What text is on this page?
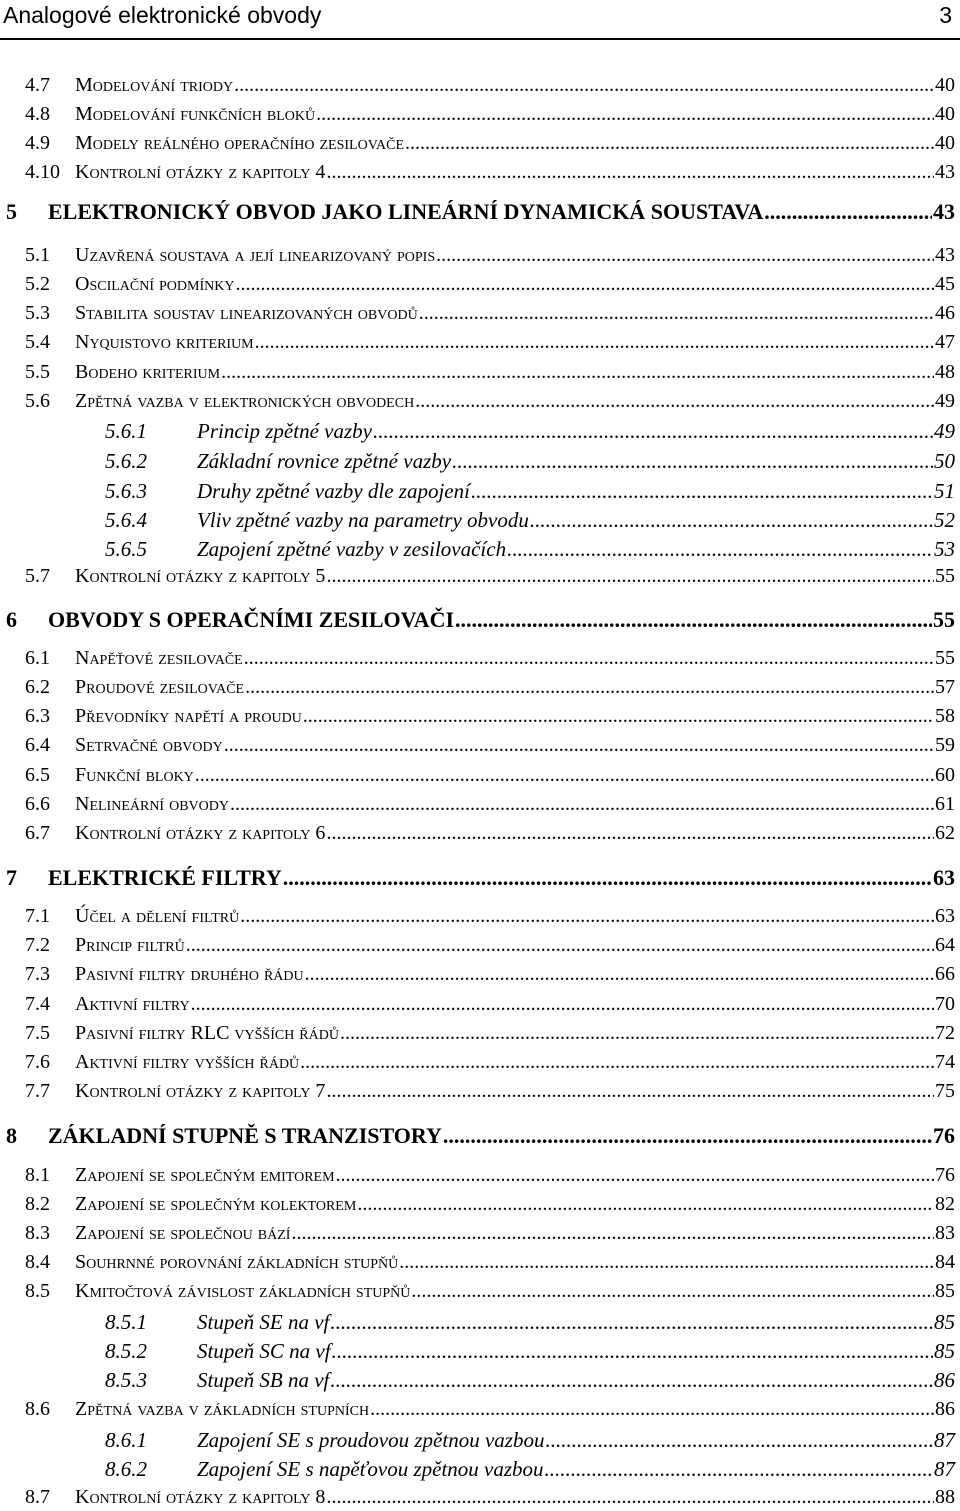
Analogové elektronické obvody	3
4.7	Modelování triody .....	40
4.8	Modelování funkčních bloků .....	40
4.9	Modely reálného operačního zesilovače .....	40
4.10 Kontrolní otázky z kapitoly 4 .....	43
5	ELEKTRONICKÝ OBVOD JAKO LINEÁRNÍ DYNAMICKÁ SOUSTAVA .....	43
5.1	Uzavřená soustava a její linearizovaný popis .....	43
5.2	Oscilační podmínky .....	45
5.3	Stabilita soustav linearizovaných obvodů .....	46
5.4	Nyquistovo kriterium .....	47
5.5	Bodeho kriterium .....	48
5.6	Zpětná vazba v elektronických obvodech .....	49
5.6.1	Princip zpětné vazby .....	49
5.6.2	Základní rovnice zpětné vazby .....	50
5.6.3	Druhy zpětné vazby dle zapojení .....	51
5.6.4	Vliv zpětné vazby na parametry obvodu .....	52
5.6.5	Zapojení zpětné vazby v zesilovačích .....	53
5.7	Kontrolní otázky z kapitoly 5 .....	55
6	OBVODY S OPERAČNÍMI ZESILOVAČI .....	55
6.1	Napěťové zesilovače .....	55
6.2	Proudové zesilovače .....	57
6.3	Převodníky napětí a proudu .....	58
6.4	Setrvačné obvody .....	59
6.5	Funkční bloky .....	60
6.6	Nelineární obvody .....	61
6.7	Kontrolní otázky z kapitoly 6 .....	62
7	ELEKTRICKÉ FILTRY .....	63
7.1	Účel a dělení filtrů .....	63
7.2	Princip filtrů .....	64
7.3	Pasivní filtry druhého řádu .....	66
7.4	Aktivní filtry .....	70
7.5	Pasivní filtry RLC vyšších řádů .....	72
7.6	Aktivní filtry vyšších řádů .....	74
7.7	Kontrolní otázky z kapitoly 7 .....	75
8	ZÁKLADNÍ STUPNĚ S TRANZISTORY .....	76
8.1	Zapojení se společným emitorem .....	76
8.2	Zapojení se společným kolektorem .....	82
8.3	Zapojení se společnou bází .....	83
8.4	Souhrnné porovnání základních stupňů .....	84
8.5	Kmitočtová závislost základních stupňů .....	85
8.5.1	Stupeň SE na vf .....	85
8.5.2	Stupeň SC na vf .....	85
8.5.3	Stupeň SB na vf .....	86
8.6	Zpětná vazba v základních stupních .....	86
8.6.1	Zapojení SE s proudovou zpětnou vazbou .....	87
8.6.2	Zapojení SE s napěťovou zpětnou vazbou .....	87
8.7	Kontrolní otázky z kapitoly 8 .....	88
